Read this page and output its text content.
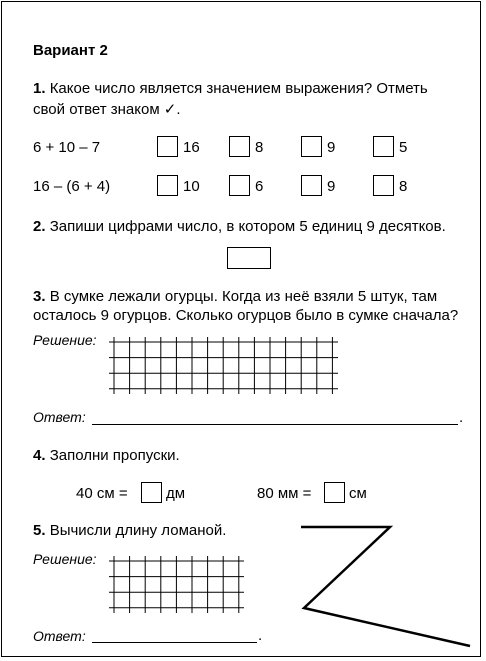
Вариант 2
1. Какое число является значением выражения? Отметь
свой ответ знаком ✓.
6 + 10 – 7	16	8	9	5
16 – (6 + 4)	10	6	9	8
2. Запиши цифрами число, в котором 5 единиц 9 десятков.
3. В сумке лежали огурцы. Когда из неё взяли 5 штук, там
осталось 9 огурцов. Сколько огурцов было в сумке сначала?
Решение:
Ответ:	.
4. Заполни пропуски.
40 см =	дм	80 мм =	см
5. Вычисли длину ломаной.
Решение:
Ответ:	.
